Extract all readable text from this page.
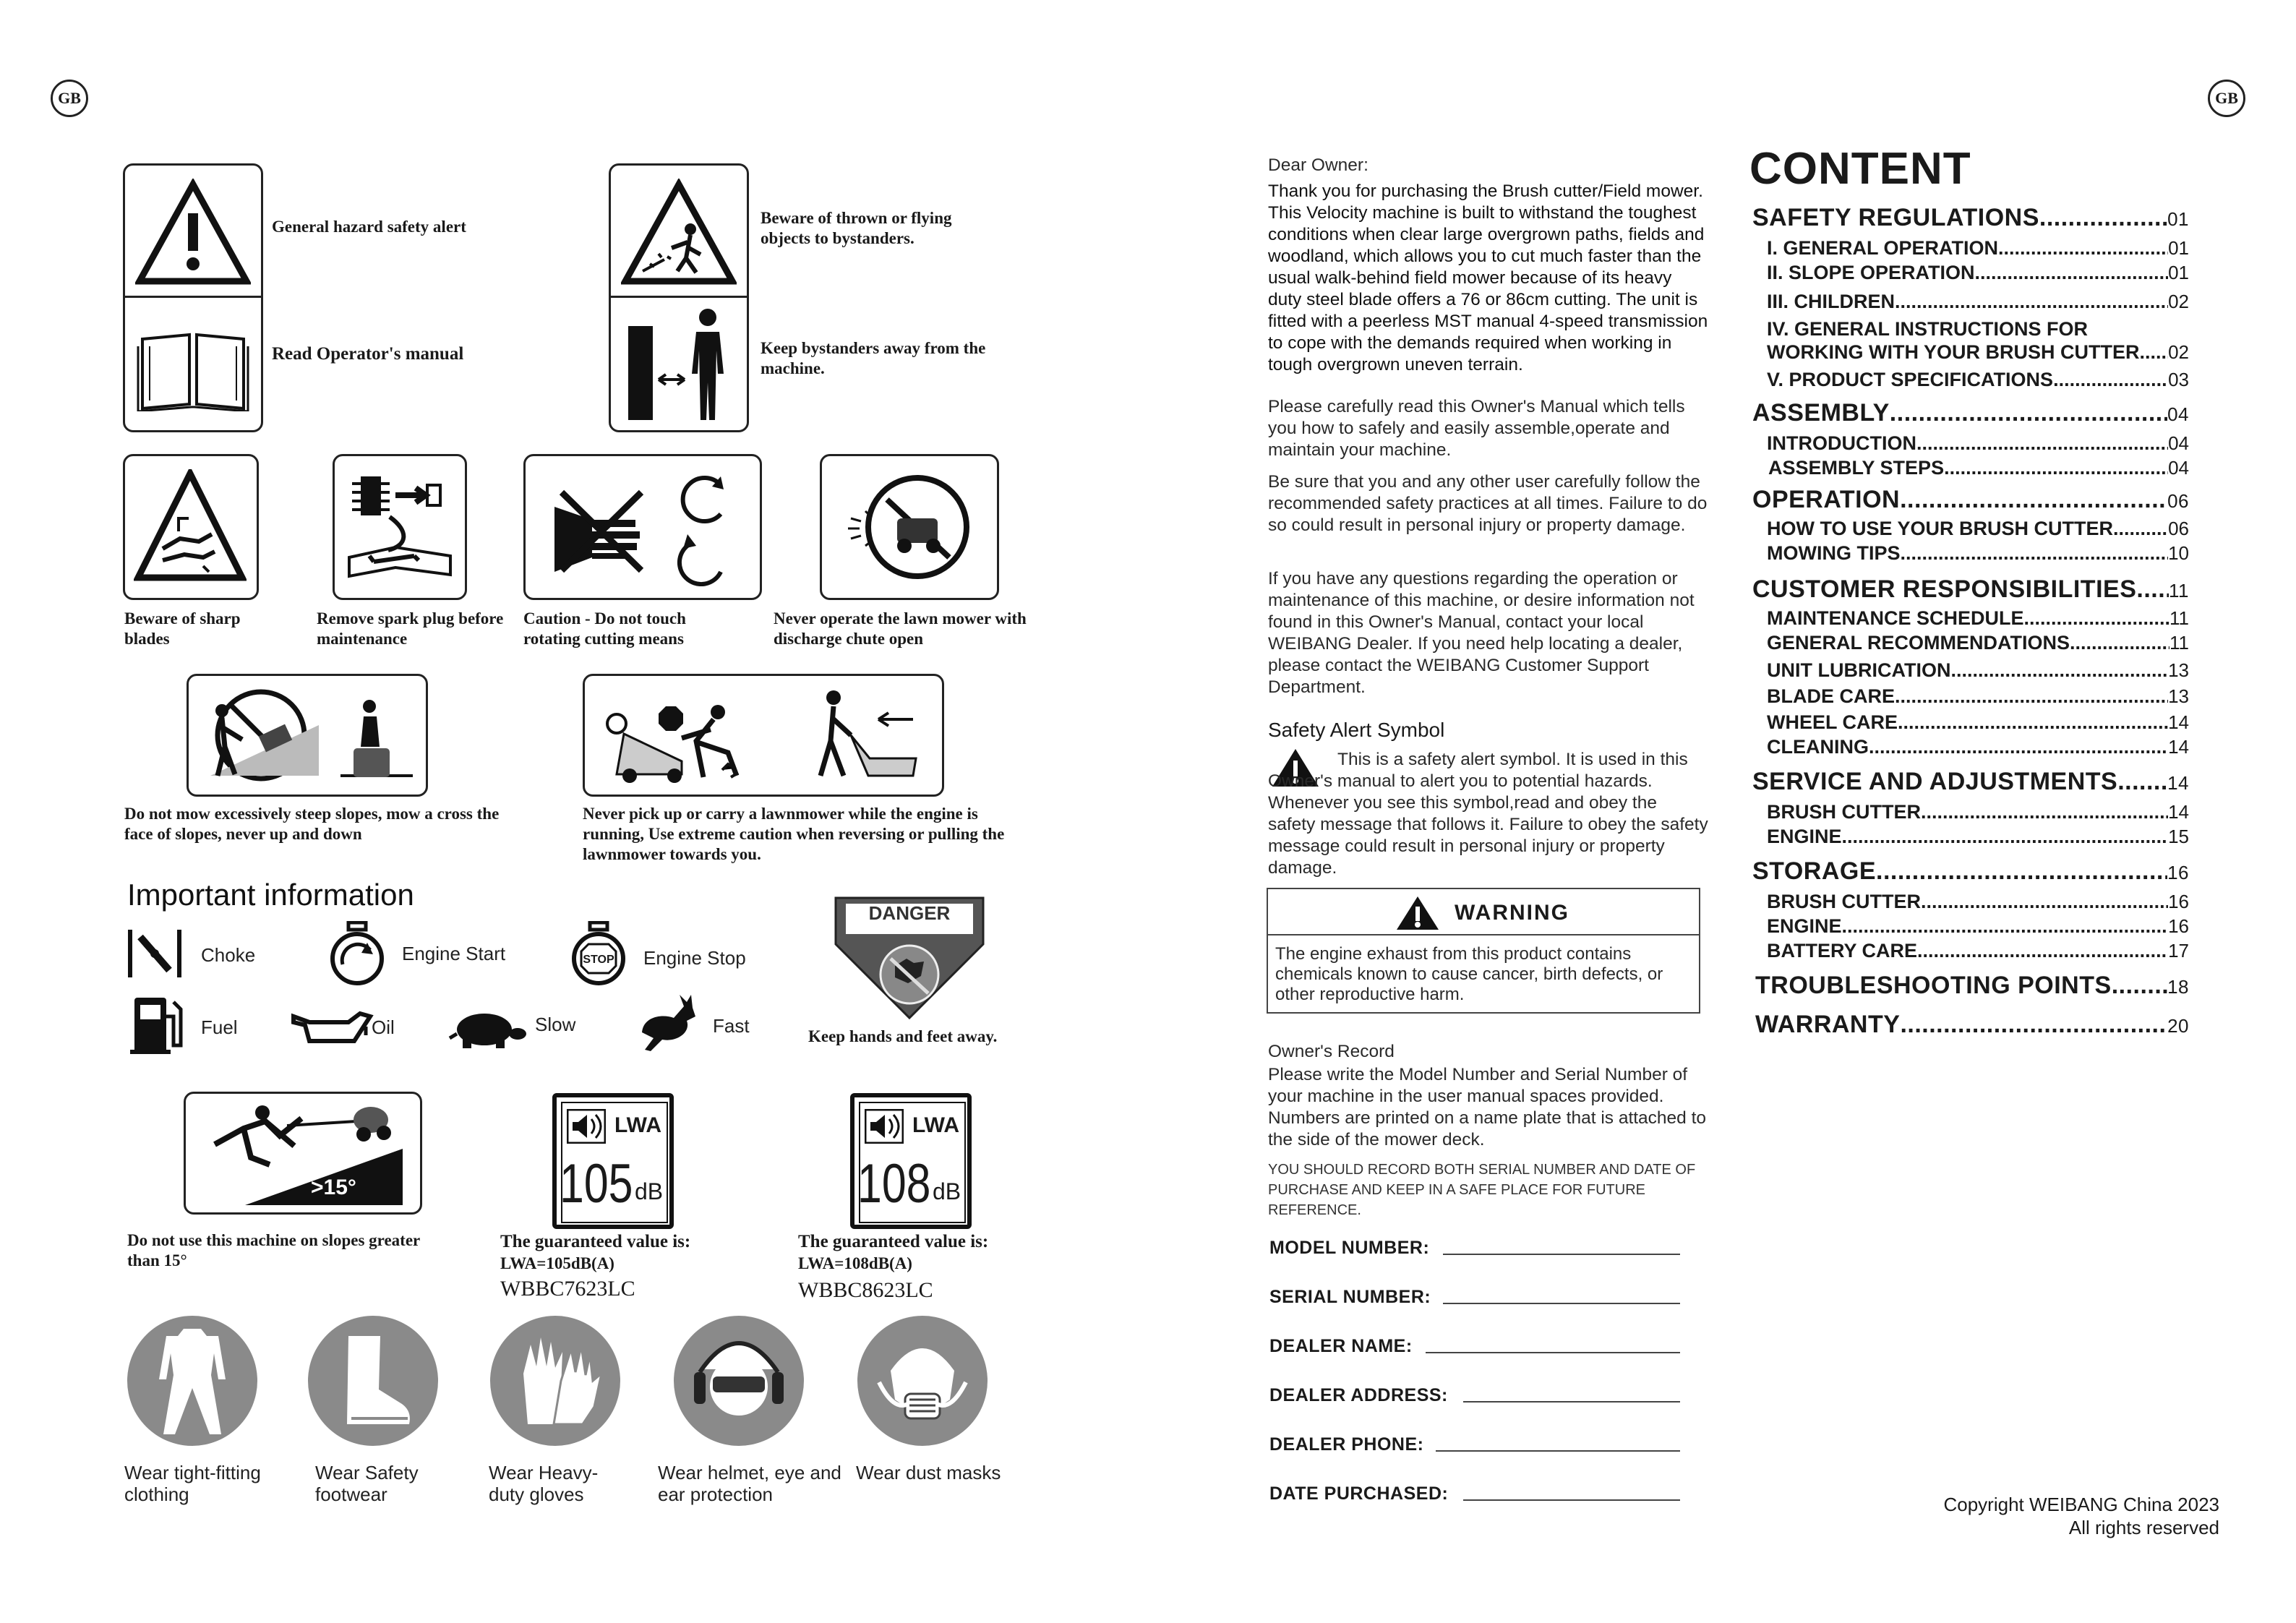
GB	GB
General hazard safety alert
Read Operator's manual
Beware of thrown or flying objects to bystanders.
Keep bystanders away from the machine.
Beware of sharp blades
Remove spark plug before maintenance
Caution - Do not touch rotating cutting means
Never operate the lawn mower with discharge chute open
Do not mow excessively steep slopes, mow a cross the face of slopes, never up and down
Never pick up or carry a lawnmower while the engine is running, Use extreme caution when reversing or pulling the lawnmower towards you.
Important information
Choke	Engine Start	STOP Engine Stop
Fuel	Oil	Slow	Fast
DANGER
KEEP HANDS AND FEET AWAY
Keep hands and feet away.
>15°
Do not use this machine on slopes greater
than 15°
LWA
105 dB
The guaranteed value is:
LWA=105dB(A)
WBBC7623LC
LWA
108 dB
The guaranteed value is:
LWA=108dB(A)
WBBC8623LC
Wear tight-fitting clothing
Wear Safety footwear
Wear Heavy-duty gloves
Wear helmet, eye and ear protection
Wear dust masks
Dear Owner:
Thank you for purchasing the Brush cutter/Field mower. This Velocity machine is built to withstand the toughest conditions when clear large overgrown paths, fields and woodland, which allows you to cut much faster than the usual walk-behind field mower because of its heavy duty steel blade offers a 76 or 86cm cutting. The unit is fitted with a peerless MST manual 4-speed transmission to cope with the demands required when working in tough overgrown uneven terrain.
Please carefully read this Owner's Manual which tells you how to safely and easily assemble,operate and maintain your machine.
Be sure that you and any other user carefully follow the recommended safety practices at all times. Failure to do so could result in personal injury or property damage.
If you have any questions regarding the operation or maintenance of this machine, or desire information not found in this Owner's Manual, contact your local WEIBANG Dealer. If you need help locating a dealer, please contact the WEIBANG Customer Support Department.
Safety Alert Symbol
This is a safety alert symbol. It is used in this Owner's manual to alert you to potential hazards. Whenever you see this symbol,read and obey the safety message that follows it. Failure to obey the safety message could result in personal injury or property damage.
WARNING
The engine exhaust from this product contains chemicals known to cause cancer, birth defects, or other reproductive harm.
Owner's Record
Please write the Model Number and Serial Number of your machine in the user manual spaces provided. Numbers are printed on a name plate that is attached to the side of the mower deck.
YOU SHOULD RECORD BOTH SERIAL NUMBER AND DATE OF PURCHASE AND KEEP IN A SAFE PLACE FOR FUTURE REFERENCE.
MODEL NUMBER:
SERIAL NUMBER:
DEALER NAME:
DEALER ADDRESS:
DEALER PHONE:
DATE PURCHASED:
CONTENT
SAFETY REGULATIONS .....	01
I. GENERAL OPERATION .....	01
II. SLOPE OPERATION .....	01
III. CHILDREN .....	02
IV. GENERAL INSTRUCTIONS FOR
WORKING WITH YOUR BRUSH CUTTER ..... 02
V. PRODUCT SPECIFICATIONS .....	03
ASSEMBLY .....	04
INTRODUCTION .....	04
ASSEMBLY STEPS .....	04
OPERATION .....	06
HOW TO USE YOUR BRUSH CUTTER .....	06
MOWING TIPS .....	10
CUSTOMER RESPONSIBILITIES ..... 11
MAINTENANCE SCHEDULE .....	11
GENERAL RECOMMENDATIONS .....	11
UNIT LUBRICATION .....	13
BLADE CARE .....	13
WHEEL CARE .....	14
CLEANING .....	14
SERVICE AND ADJUSTMENTS .....	14
BRUSH CUTTER .....	14
ENGINE .....	15
STORAGE .....	16
BRUSH CUTTER .....	16
ENGINE .....	16
BATTERY CARE .....	17
TROUBLESHOOTING POINTS .....	18
WARRANTY .....	20
Copyright WEIBANG China 2023
All rights reserved
